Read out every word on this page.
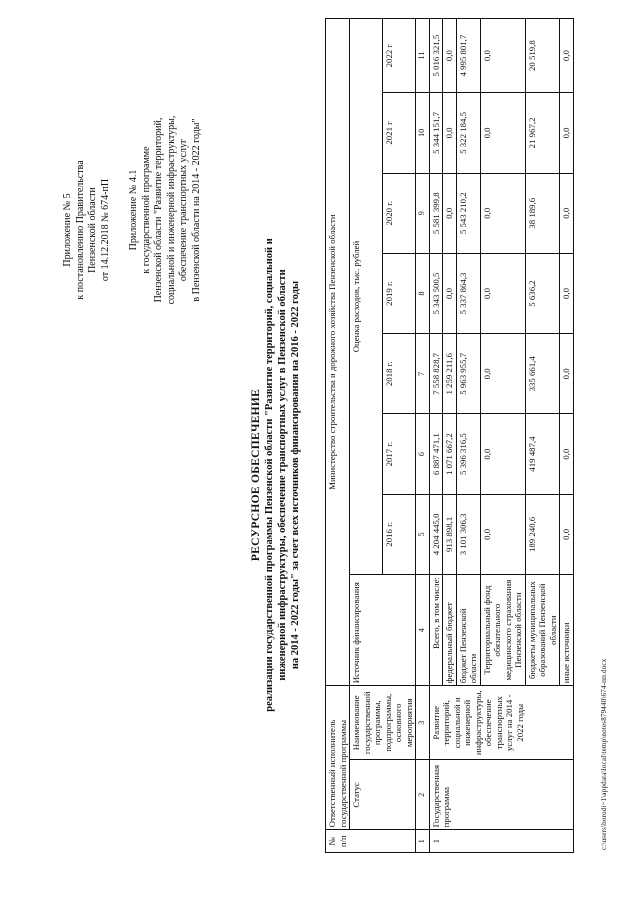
Приложение № 5 к постановлению Правительства Пензенской области от 14.12.2018 № 674-пП Приложение № 4.1 к государственной программе Пензенской области "Развитие территорий, социальной и инженерной инфраструктуры, обеспечение транспортных услуг в Пензенской области на 2014 - 2022 годы"
РЕСУРСНОЕ ОБЕСПЕЧЕНИЕ реализации государственной программы Пензенской области "Развитие территорий, социальной и инженерной инфраструктуры, обеспечение транспортных услуг в Пензенской области на 2014 - 2022 годы" за счет всех источников финансирования на 2016 - 2022 годы
№ п/п	Ответственный исполнитель государственной программы		Министерство строительства и дорожного хозяйства Пензенской области							
	Статус	Наименование государственной программы, подпрограммы, основного мероприятия	Источник финансирования	Оценка расходов, тыс. рублей						
				2016 г.	2017 г.	2018 г.	2019 г.	2020 г.	2021 г	2022 г
1	2	3	4	5	6	7	8	9	10	11
1	Государственная программа	Развитие территорий, социальной и инженерной инфраструктуры, обеспечение транспортных услуг на 2014 - 2022 годы	Всего, в том числе:	4 204 445,0	6 887 471,1	7 558 828,7	5 343 500,5	5 581 399,8	5 344 151,7	5 016 321,5
			федеральный бюджет	913 898,1	1 071 667,2	1 259 211,6	0,0	0,0	0,0	0,0
			бюджет Пензенской области	3 101 306,3	5 396 316,5	5 963 955,7	5 337 864,3	5 543 210,2	5 322 184,5	4 995 801,7
			Территориальный фонд обязательного медицинского страхования Пензенской области	0,0	0,0	0,0	0,0	0,0	0,0	0,0
			бюджеты муниципальных образований Пензенской области	189 240,6	419 487,4	335 661,4	5 636,2	38 189,6	21 967,2	20 519,8
			иные источники	0,0	0,0	0,0	0,0	0,0	0,0	0,0
c:\users\borodi~1\appdata\local\temp\notes879440\674-пп.docx
